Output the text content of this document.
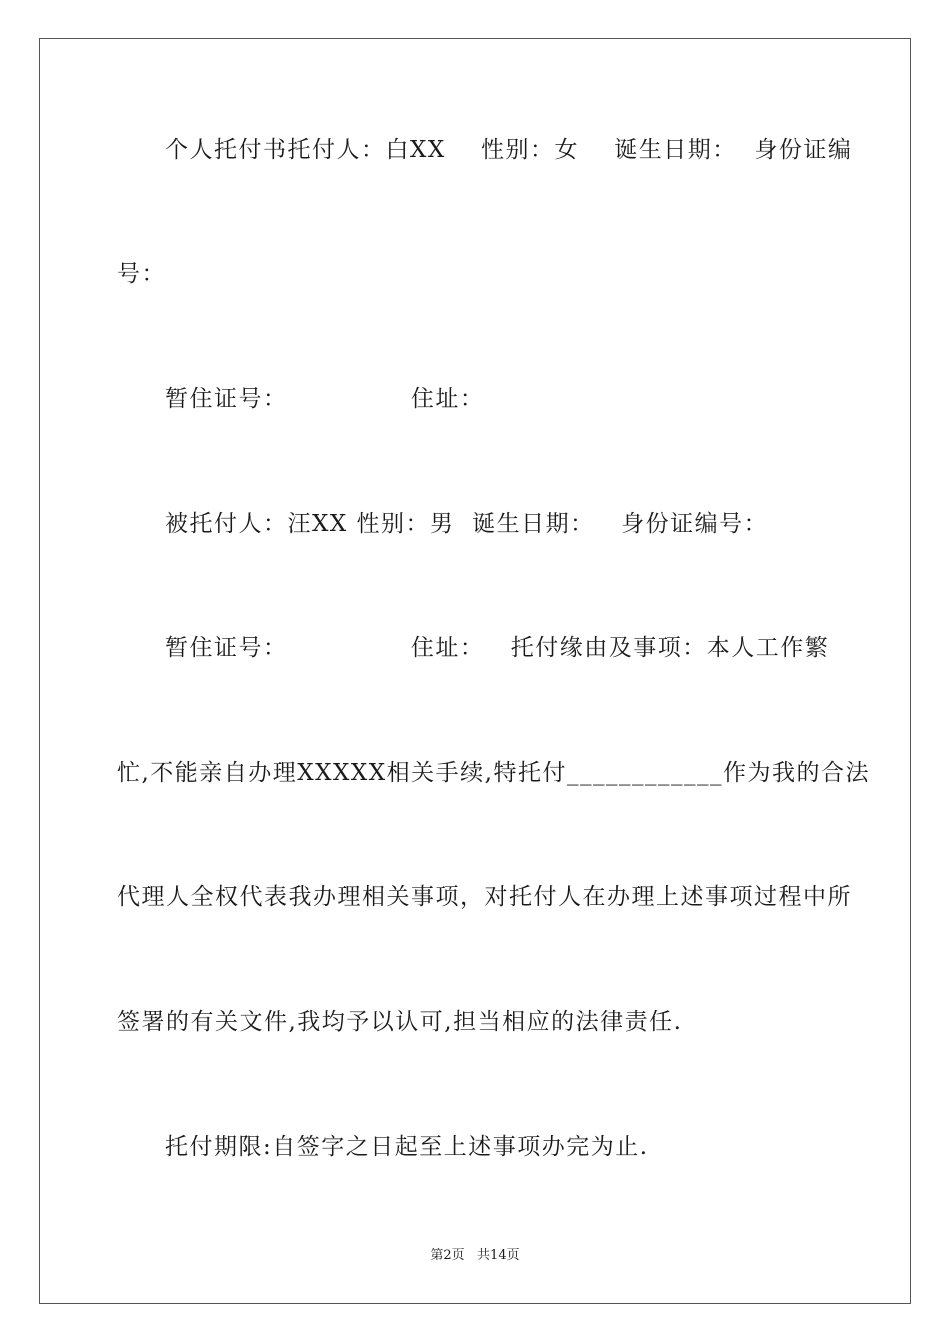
个人托付书托付人：白XX    性别：女    诞生日期：  身份证编
号：
暂住证号：              住址：
被托付人：汪XX 性别：男  诞生日期：   身份证编号：
暂住证号：              住址：   托付缘由及事项：本人工作繁
忙,不能亲自办理XXXXX相关手续,特托付____________作为我的合法
代理人全权代表我办理相关事项，对托付人在办理上述事项过程中所
签署的有关文件,我均予以认可,担当相应的法律责任.
托付期限:自签字之日起至上述事项办完为止.
第2页   共14页
